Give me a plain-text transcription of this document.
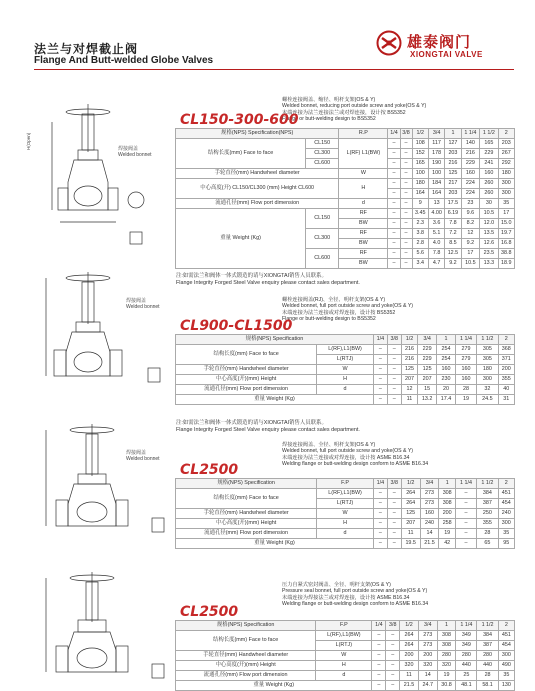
法兰与对焊截止阀
Flange And Butt-welded Globe Valves
雄泰阀门
XIONGTAI VALVE
焊接阀盖
Welded bonnet
H(Open)
焊接阀盖
Welded bonnet
焊接阀盖
Welded bonnet
螺栓连接阀盖、缩径、明杆支架(OS & Y)
Welded bonnet, reducing port outside screw and yoke(OS & Y)
末端连接为法兰连接法兰或对焊连接，设计按 BS5352
Flange or butt-welding design to BS5352
CL150-300-600
规格(NPS) Specification(NPS)		R.P	1/4	3/8	1/2	3/4	1	1 1/4	1 1/2	2
结构长度(mm) Face to face	CL150	L(RF) L1(BW)	–	–	108	117	127	140	165	203
	CL300		–	–	152	178	203	216	229	267
	CL600		–	–	165	190	216	229	241	292
手轮直径(mm) Handwheel diameter		W	–	–	100	100	125	160	160	180
中心高度(开) CL150/CL300 (mm) Height CL600		H	–	–	180	184	217	224	260	300
			–	–	164	164	203	224	260	300
流通孔径(mm) Flow port dimension		d	–	–	9	13	17.5	23	30	35
重量 Weight (Kg)	CL150	RF	–	–	3.45	4.00	6.19	9.6	10.5	17
		BW	–	–	2.3	3.6	7.8	8.2	12.0	15.0
	CL300	RF	–	–	3.8	5.1	7.2	12	13.5	19.7
		BW	–	–	2.8	4.0	8.5	9.2	12.6	16.8
	CL600	RF	–	–	5.6	7.8	12.5	17	23.5	38.8
		BW	–	–	3.4	4.7	9.2	10.5	13.3	18.9
注:如需法兰和阀体一体式锻造的请与XIONGTAI销售人员联系。
Flange Integrity Forged Steel Valve enquiry please contact sales department.
螺栓连接阀盖(RJ)、全径、明杆支架(OS & Y)
Welded bonnet, full port outside screw and yoke(OS & Y)
末端连接为法兰连接或对焊连接，设计按 BS5352
Flange or butt-welding design to BS5352
CL900-CL1500
规格(NPS) Specification		1/4	3/8	1/2	3/4	1	1 1/4	1 1/2	2
结构长度(mm) Face to face	L(RF),L1(BW)	–	–	216	229	254	279	305	368
	L(RTJ)	–	–	216	229	254	279	305	371
手轮直径(mm) Handwheel diameter	W	–	–	125	125	160	160	180	200
中心高度(开)(mm) Height	H	–	–	207	207	230	160	300	355
流通孔径(mm) Flow port dimension	d	–	–	12	15	20	28	32	40
重量 Weight (Kg)		–	–	11	13.2	17.4	19	24.5	31
注:如需法兰和阀体一体式锻造的请与XIONGTAI销售人员联系。
Flange Integrity Forged Steel Valve enquiry please contact sales department.
焊接连接阀盖、全径、明杆支架(OS & Y)
Welded bonnet, full port outside screw and yoke(OS & Y)
末端连接为法兰连接或对焊连接，设计按 ASME B16.34
Welding flange or butt-welding design conform to ASME B16.34
CL2500
规格(NPS) Specification	F.P	1/4	3/8	1/2	3/4	1	1 1/4	1 1/2	2
结构长度(mm) Face to face	L(RF),L1(BW)	–	–	264	273	308	–	384	451
	L(RTJ)	–	–	264	273	308	–	387	454
手轮直径(mm) Handwheel diameter	W	–	–	125	160	200	–	250	240
中心高度(开)(mm) Height	H	–	–	207	240	258	–	355	300
流通孔径(mm) Flow port dimension	d	–	–	11	14	19	–	28	35
重量 Weight (Kg)		–	–	19.5	21.5	42	–	65	95
压力自紧式密封阀盖、全径、明杆支架(OS & Y)
Pressure seal bonnet, full port outside screw and yoke(OS & Y)
末端连接为焊接法兰或对焊连接，设计按 ASME B16.34
Welding flange or butt-welding design conform to ASME B16.34
CL2500
规格(NPS) Specification	F.P	1/4	3/8	1/2	3/4	1	1 1/4	1 1/2	2
结构长度(mm) Face to face	L(RF),L1(BW)	–	–	264	273	308	349	384	451
	L(RTJ)	–	–	264	273	308	349	387	454
手轮直径(mm) Handwheel diameter	W	–	–	200	200	280	280	280	300
中心高度(开)(mm) Height	H	–	–	320	320	320	440	440	490
流通孔径(mm) Flow port dimension	d	–	–	11	14	19	25	28	35
重量 Weight (Kg)		–	–	21.5	24.7	30.8	48.1	58.1	130
